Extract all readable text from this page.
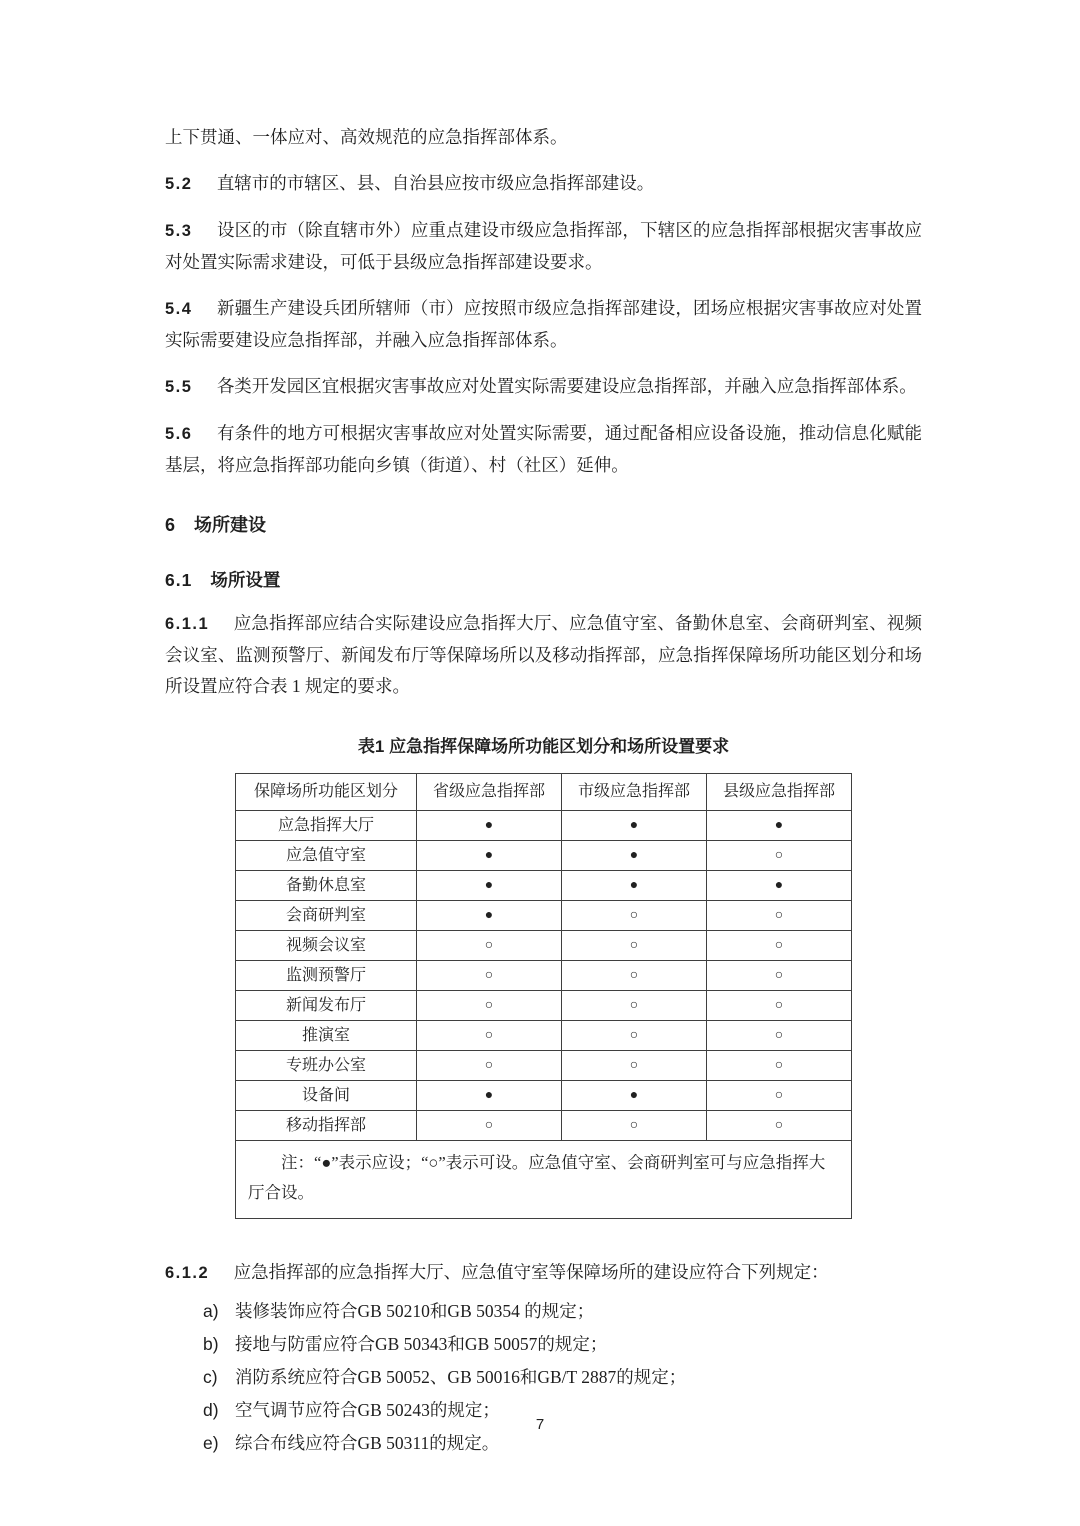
上下贯通、一体应对、高效规范的应急指挥部体系。

5.2 直辖市的市辖区、县、自治县应按市级应急指挥部建设。

5.3 设区的市（除直辖市外）应重点建设市级应急指挥部，下辖区的应急指挥部根据灾害事故应对处置实际需求建设，可低于县级应急指挥部建设要求。

5.4 新疆生产建设兵团所辖师（市）应按照市级应急指挥部建设，团场应根据灾害事故应对处置实际需要建设应急指挥部，并融入应急指挥部体系。

5.5 各类开发园区宜根据灾害事故应对处置实际需要建设应急指挥部，并融入应急指挥部体系。

5.6 有条件的地方可根据灾害事故应对处置实际需要，通过配备相应设备设施，推动信息化赋能基层，将应急指挥部功能向乡镇（街道）、村（社区）延伸。

6 场所建设
6.1 场所设置

6.1.1 应急指挥部应结合实际建设应急指挥大厅、应急值守室、备勤休息室、会商研判室、视频会议室、监测预警厅、新闻发布厅等保障场所以及移动指挥部，应急指挥保障场所功能区划分和场所设置应符合表 1 规定的要求。

表1 应急指挥保障场所功能区划分和场所设置要求
保障场所功能区划分	省级应急指挥部	市级应急指挥部	县级应急指挥部
应急指挥大厅	●	●	●
应急值守室	●	●	○
备勤休息室	●	●	●
会商研判室	●	○	○
视频会议室	○	○	○
监测预警厅	○	○	○
新闻发布厅	○	○	○
推演室	○	○	○
专班办公室	○	○	○
设备间	●	●	○
移动指挥部	○	○	○
注：“●”表示应设；“○”表示可设。应急值守室、会商研判室可与应急指挥大厅合设。			

6.1.2 应急指挥部的应急指挥大厅、应急值守室等保障场所的建设应符合下列规定：

a) 装修装饰应符合GB 50210和GB 50354 的规定；
b) 接地与防雷应符合GB 50343和GB 50057的规定；
c) 消防系统应符合GB 50052、GB 50016和GB/T 2887的规定；
d) 空气调节应符合GB 50243的规定；
e) 综合布线应符合GB 50311的规定。
7
